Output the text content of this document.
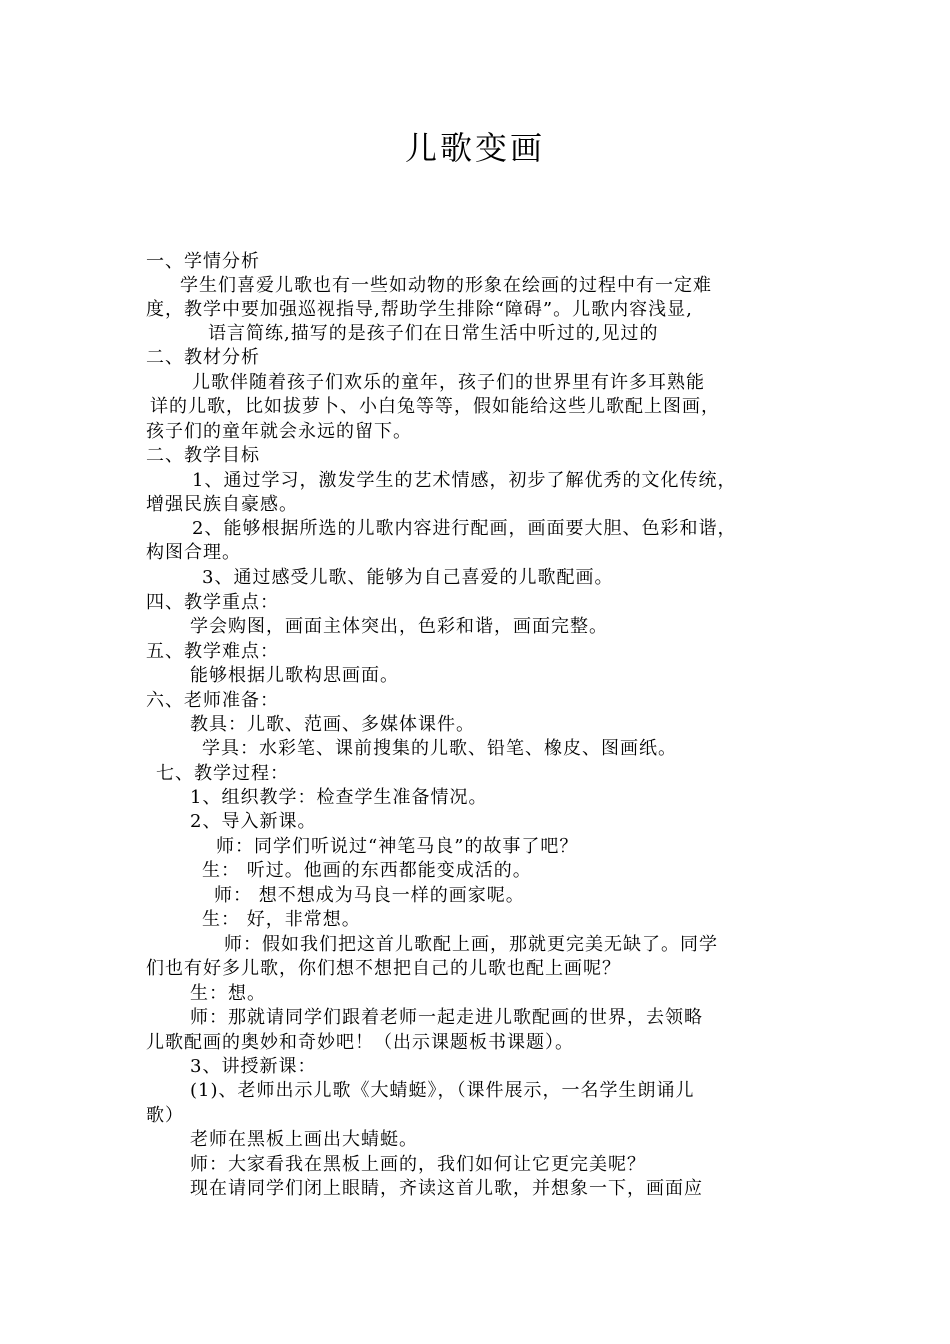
儿歌变画
一、学情分析
学生们喜爱儿歌也有一些如动物的形象在绘画的过程中有一定难
度，教学中要加强巡视指导,帮助学生排除“障碍”。儿歌内容浅显,
语言简练,描写的是孩子们在日常生活中听过的,见过的
二、教材分析
儿歌伴随着孩子们欢乐的童年，孩子们的世界里有许多耳熟能
详的儿歌，比如拔萝卜、小白兔等等，假如能给这些儿歌配上图画，
孩子们的童年就会永远的留下。
二、教学目标
1、通过学习，激发学生的艺术情感，初步了解优秀的文化传统，
增强民族自豪感。
2、能够根据所选的儿歌内容进行配画，画面要大胆、色彩和谐，
构图合理。
3、通过感受儿歌、能够为自己喜爱的儿歌配画。
四、教学重点：
学会购图，画面主体突出，色彩和谐，画面完整。
五、教学难点：
能够根据儿歌构思画面。
六、老师准备：
教具：儿歌、范画、多媒体课件。
学具：水彩笔、课前搜集的儿歌、铅笔、橡皮、图画纸。
七、教学过程：
1、组织教学：检查学生准备情况。
2、导入新课。
师：同学们听说过“神笔马良”的故事了吧？
生： 听过。他画的东西都能变成活的。
师： 想不想成为马良一样的画家呢。
生： 好，非常想。
师：假如我们把这首儿歌配上画，那就更完美无缺了。同学
们也有好多儿歌，你们想不想把自己的儿歌也配上画呢？
生：想。
师：那就请同学们跟着老师一起走进儿歌配画的世界，去领略
儿歌配画的奥妙和奇妙吧！（出示课题板书课题）。
3、讲授新课：
(1)、老师出示儿歌《大蜻蜓》，（课件展示，一名学生朗诵儿
歌）
老师在黑板上画出大蜻蜓。
师：大家看我在黑板上画的，我们如何让它更完美呢？
现在请同学们闭上眼睛，齐读这首儿歌，并想象一下，画面应
